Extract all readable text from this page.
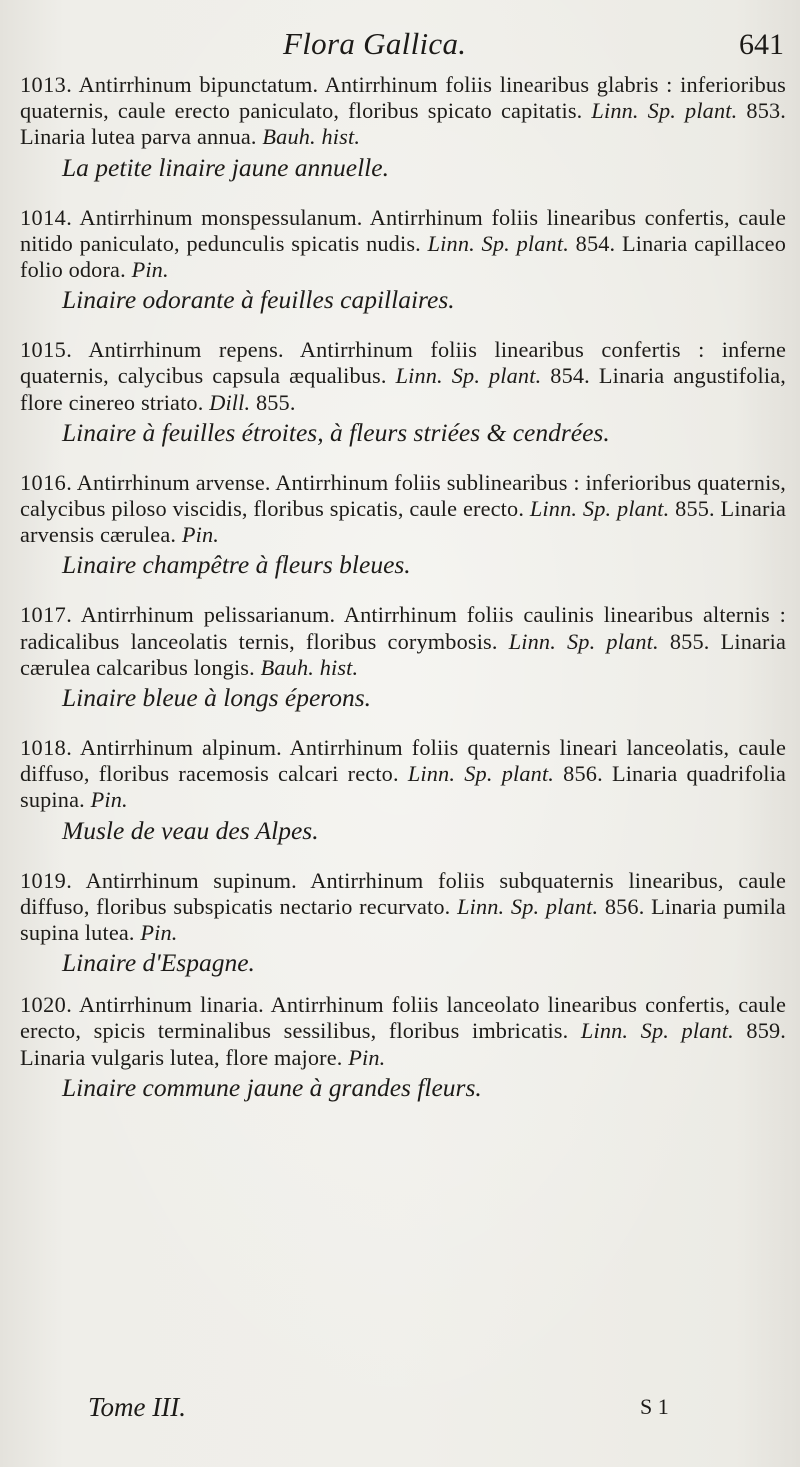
Flora Gallica.	641
1013. Antirrhinum bipunctatum. Antirrhinum foliis linearibus glabris : inferioribus quaternis, caule erecto paniculato, floribus spicato capitatis. Linn. Sp. plant. 853. Linaria lutea parva annua. Bauh. hist.
La petite linaire jaune annuelle.
1014. Antirrhinum monspessulanum. Antirrhinum foliis linearibus confertis, caule nitido paniculato, pedunculis spicatis nudis. Linn. Sp. plant. 854. Linaria capillaceo folio odora. Pin.
Linaire odorante à feuilles capillaires.
1015. Antirrhinum repens. Antirrhinum foliis linearibus confertis : inferne quaternis, calycibus capsula æqualibus. Linn. Sp. plant. 854. Linaria angustifolia, flore cinereo striato. Dill. 855.
Linaire à feuilles étroites, à fleurs striées & cendrées.
1016. Antirrhinum arvense. Antirrhinum foliis sublinearibus : inferioribus quaternis, calycibus piloso viscidis, floribus spicatis, caule erecto. Linn. Sp. plant. 855. Linaria arvensis cærulea. Pin.
Linaire champêtre à fleurs bleues.
1017. Antirrhinum pelissarianum. Antirrhinum foliis caulinis linearibus alternis : radicalibus lanceolatis ternis, floribus corymbosis. Linn. Sp. plant. 855. Linaria cærulea calcaribus longis. Bauh. hist.
Linaire bleue à longs éperons.
1018. Antirrhinum alpinum. Antirrhinum foliis quaternis lineari lanceolatis, caule diffuso, floribus racemosis calcari recto. Linn. Sp. plant. 856. Linaria quadrifolia supina. Pin.
Musle de veau des Alpes.
1019. Antirrhinum supinum. Antirrhinum foliis subquaternis linearibus, caule diffuso, floribus subspicatis nectario recurvato. Linn. Sp. plant. 856. Linaria pumila supina lutea. Pin.
Linaire d'Espagne.
1020. Antirrhinum linaria. Antirrhinum foliis lanceolato linearibus confertis, caule erecto, spicis terminalibus sessilibus, floribus imbricatis. Linn. Sp. plant. 859. Linaria vulgaris lutea, flore majore. Pin.
Linaire commune jaune à grandes fleurs.
Tome III.	S 1
